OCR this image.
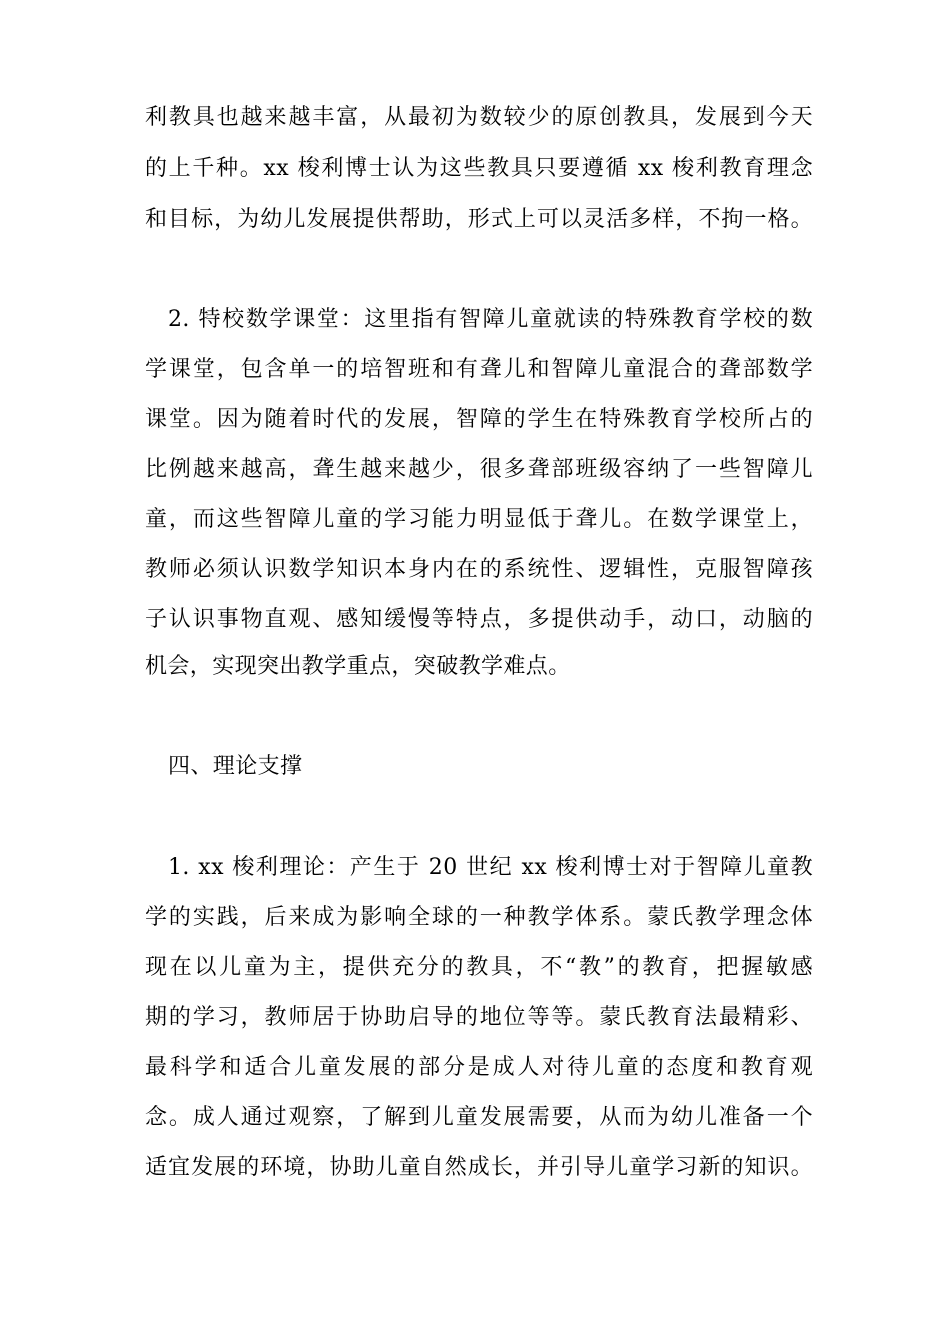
利教具也越来越丰富，从最初为数较少的原创教具，发展到今天
的上千种。xx 梭利博士认为这些教具只要遵循 xx 梭利教育理念
和目标，为幼儿发展提供帮助，形式上可以灵活多样，不拘一格。
2. 特校数学课堂：这里指有智障儿童就读的特殊教育学校的数
学课堂，包含单一的培智班和有聋儿和智障儿童混合的聋部数学
课堂。因为随着时代的发展，智障的学生在特殊教育学校所占的
比例越来越高，聋生越来越少，很多聋部班级容纳了一些智障儿
童，而这些智障儿童的学习能力明显低于聋儿。在数学课堂上，
教师必须认识数学知识本身内在的系统性、逻辑性，克服智障孩
子认识事物直观、感知缓慢等特点，多提供动手，动口，动脑的
机会，实现突出教学重点，突破教学难点。
四、理论支撑
1. xx 梭利理论：产生于 20 世纪 xx 梭利博士对于智障儿童教
学的实践，后来成为影响全球的一种教学体系。蒙氏教学理念体
现在以儿童为主，提供充分的教具，不“教”的教育，把握敏感
期的学习，教师居于协助启导的地位等等。蒙氏教育法最精彩、
最科学和适合儿童发展的部分是成人对待儿童的态度和教育观
念。成人通过观察，了解到儿童发展需要，从而为幼儿准备一个
适宜发展的环境，协助儿童自然成长，并引导儿童学习新的知识。
